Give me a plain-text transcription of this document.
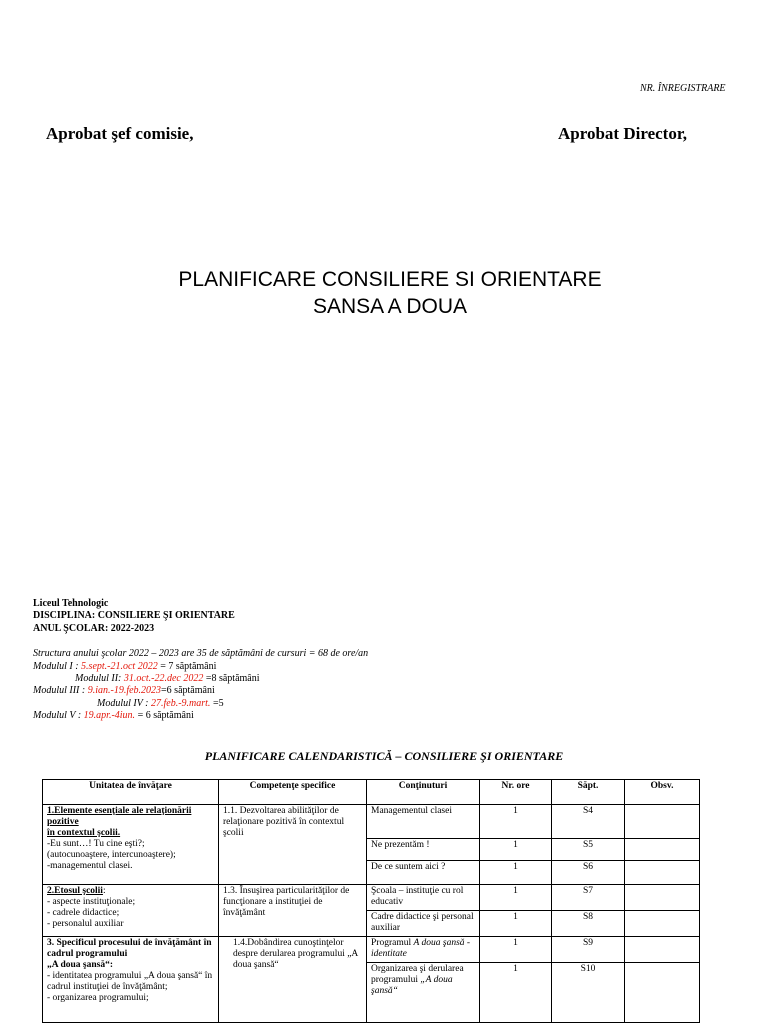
NR. ÎNREGISTRARE
Aprobat şef comisie,	Aprobat Director,
PLANIFICARE CONSILIERE SI ORIENTARE
SANSA A DOUA
Liceul Tehnologic
DISCIPLINA: CONSILIERE ŞI ORIENTARE
ANUL ŞCOLAR: 2022-2023
Structura anului şcolar 2022 – 2023 are 35 de săptămâni de cursuri = 68 de ore/an
Modulul I : 5.sept.-21.oct 2022 = 7 săptămâni
Modulul II: 31.oct.-22.dec 2022 =8 săptămâni
Modulul III : 9.ian.-19.feb.2023=6 săptămâni
Modulul IV : 27.feb.-9.mart. =5
Modulul V : 19.apr.-4iun. = 6 săptămâni
PLANIFICARE CALENDARISTICĂ – CONSILIERE ŞI ORIENTARE
Unitatea de învăţare	Competenţe specifice	Conţinuturi	Nr. ore	Săpt.	Obsv.

1.Elemente esenţiale ale relaţionării pozitive
în contextul şcolii.
-Eu sunt…! Tu cine eşti?;
(autocunoaştere, intercunoaştere);
-managementul clasei.	1.1. Dezvoltarea abilităţilor de relaţionare pozitivă în contextul şcolii	Managementul clasei	1	S4	
		Ne prezentăm !	1	S5	
		De ce suntem aici ?	1	S6	

2.Etosul şcolii:
- aspecte instituţionale;
- cadrele didactice;
- personalul auxiliar	1.3. Însuşirea particularităţilor de funcţionare a instituţiei de învăţământ	Şcoala – instituţie cu rol educativ	1	S7	
		Cadre didactice şi personal auxiliar	1	S8	

3. Specificul procesului de învăţământ în cadrul programului
„A doua şansă“:
- identitatea programului „A doua şansă“ în cadrul instituţiei de învăţământ;
- organizarea programului;	1.4.Dobândirea cunoştinţelor despre derularea programului „A doua şansă“	Programul A doua şansă - identitate	1	S9	
		Organizarea şi derularea programului „A doua şansă“	1	S10	
